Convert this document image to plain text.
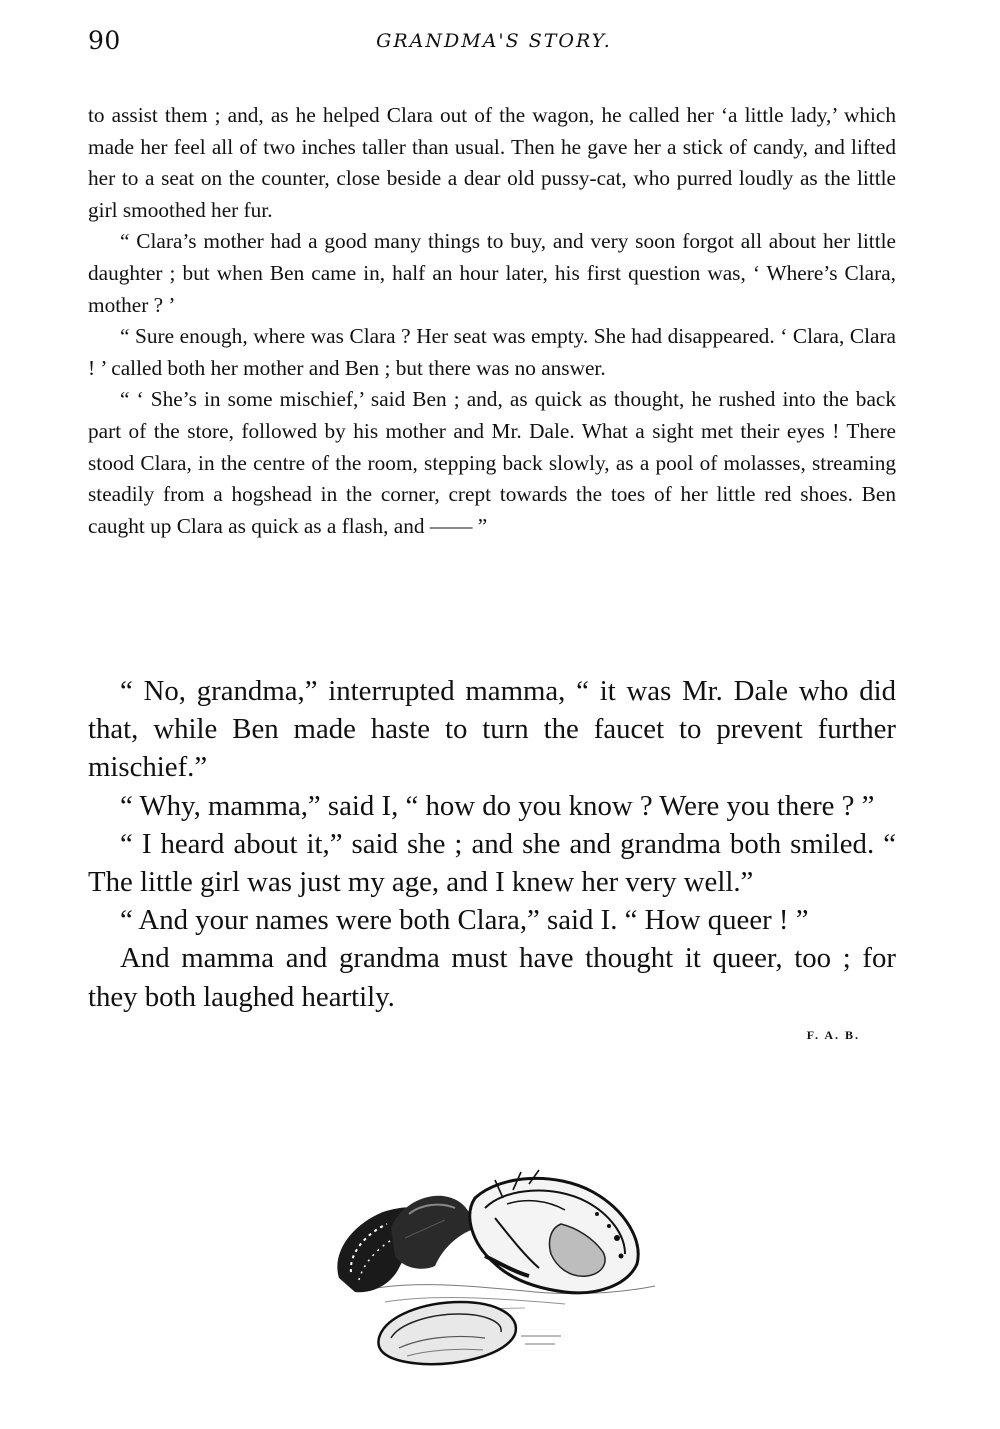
90	GRANDMA'S STORY.

to assist them ; and, as he helped Clara out of the wagon, he called her ‘a little lady,’ which made her feel all of two inches taller than usual. Then he gave her a stick of candy, and lifted her to a seat on the counter, close beside a dear old pussy-cat, who purred loudly as the little girl smoothed her fur.

“ Clara’s mother had a good many things to buy, and very soon forgot all about her little daughter ; but when Ben came in, half an hour later, his first question was, ‘ Where’s Clara, mother ? ’

“ Sure enough, where was Clara ? Her seat was empty. She had disappeared. ‘ Clara, Clara ! ’ called both her mother and Ben ; but there was no answer.

“ ‘ She’s in some mischief,’ said Ben ; and, as quick as thought, he rushed into the back part of the store, followed by his mother and Mr. Dale. What a sight met their eyes ! There stood Clara, in the centre of the room, stepping back slowly, as a pool of molasses, streaming steadily from a hogshead in the corner, crept towards the toes of her little red shoes. Ben caught up Clara as quick as a flash, and —— ”

“ No, grandma,” interrupted mamma, “ it was Mr. Dale who did that, while Ben made haste to turn the faucet to prevent further mischief.”

“ Why, mamma,” said I, “ how do you know ? Were you there ? ”

“ I heard about it,” said she ; and she and grandma both smiled. “ The little girl was just my age, and I knew her very well.”

“ And your names were both Clara,” said I. “ How queer ! ”

And mamma and grandma must have thought it queer, too ; for they both laughed heartily.

F. A. B.
